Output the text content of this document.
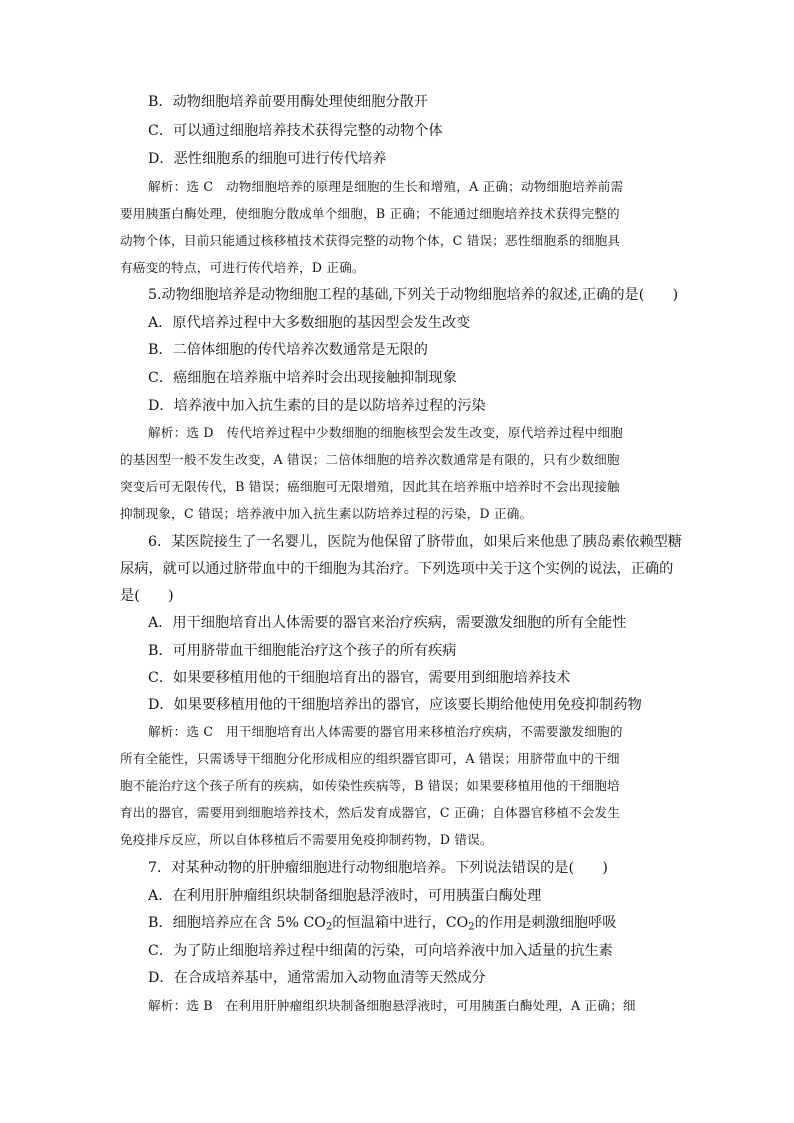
B．动物细胞培养前要用酶处理使细胞分散开
C．可以通过细胞培养技术获得完整的动物个体
D．恶性细胞系的细胞可进行传代培养
解析：选 C　动物细胞培养的原理是细胞的生长和增殖，A 正确；动物细胞培养前需
要用胰蛋白酶处理，使细胞分散成单个细胞，B 正确；不能通过细胞培养技术获得完整的
动物个体，目前只能通过核移植技术获得完整的动物个体，C 错误；恶性细胞系的细胞具
有癌变的特点，可进行传代培养，D 正确。
5.动物细胞培养是动物细胞工程的基础,下列关于动物细胞培养的叙述,正确的是(　　)
A．原代培养过程中大多数细胞的基因型会发生改变
B．二倍体细胞的传代培养次数通常是无限的
C．癌细胞在培养瓶中培养时会出现接触抑制现象
D．培养液中加入抗生素的目的是以防培养过程的污染
解析：选 D　传代培养过程中少数细胞的细胞核型会发生改变，原代培养过程中细胞
的基因型一般不发生改变，A 错误；二倍体细胞的培养次数通常是有限的，只有少数细胞
突变后可无限传代，B 错误；癌细胞可无限增殖，因此其在培养瓶中培养时不会出现接触
抑制现象，C 错误；培养液中加入抗生素以防培养过程的污染，D 正确。
6．某医院接生了一名婴儿，医院为他保留了脐带血，如果后来他患了胰岛素依赖型糖
尿病，就可以通过脐带血中的干细胞为其治疗。下列选项中关于这个实例的说法，正确的
是(　　)
A．用干细胞培育出人体需要的器官来治疗疾病，需要激发细胞的所有全能性
B．可用脐带血干细胞能治疗这个孩子的所有疾病
C．如果要移植用他的干细胞培育出的器官，需要用到细胞培养技术
D．如果要移植用他的干细胞培养出的器官，应该要长期给他使用免疫抑制药物
解析：选 C　用干细胞培育出人体需要的器官用来移植治疗疾病，不需要激发细胞的
所有全能性，只需诱导干细胞分化形成相应的组织器官即可，A 错误；用脐带血中的干细
胞不能治疗这个孩子所有的疾病，如传染性疾病等，B 错误；如果要移植用他的干细胞培
育出的器官，需要用到细胞培养技术，然后发育成器官，C 正确；自体器官移植不会发生
免疫排斥反应，所以自体移植后不需要用免疫抑制药物，D 错误。
7．对某种动物的肝肿瘤细胞进行动物细胞培养。下列说法错误的是(　　)
A．在利用肝肿瘤组织块制备细胞悬浮液时，可用胰蛋白酶处理
B．细胞培养应在含 5% $CO_2$的恒温箱中进行，$CO_2$的作用是刺激细胞呼吸
C．为了防止细胞培养过程中细菌的污染，可向培养液中加入适量的抗生素
D．在合成培养基中，通常需加入动物血清等天然成分
解析：选 B　在利用肝肿瘤组织块制备细胞悬浮液时，可用胰蛋白酶处理，A 正确；细
